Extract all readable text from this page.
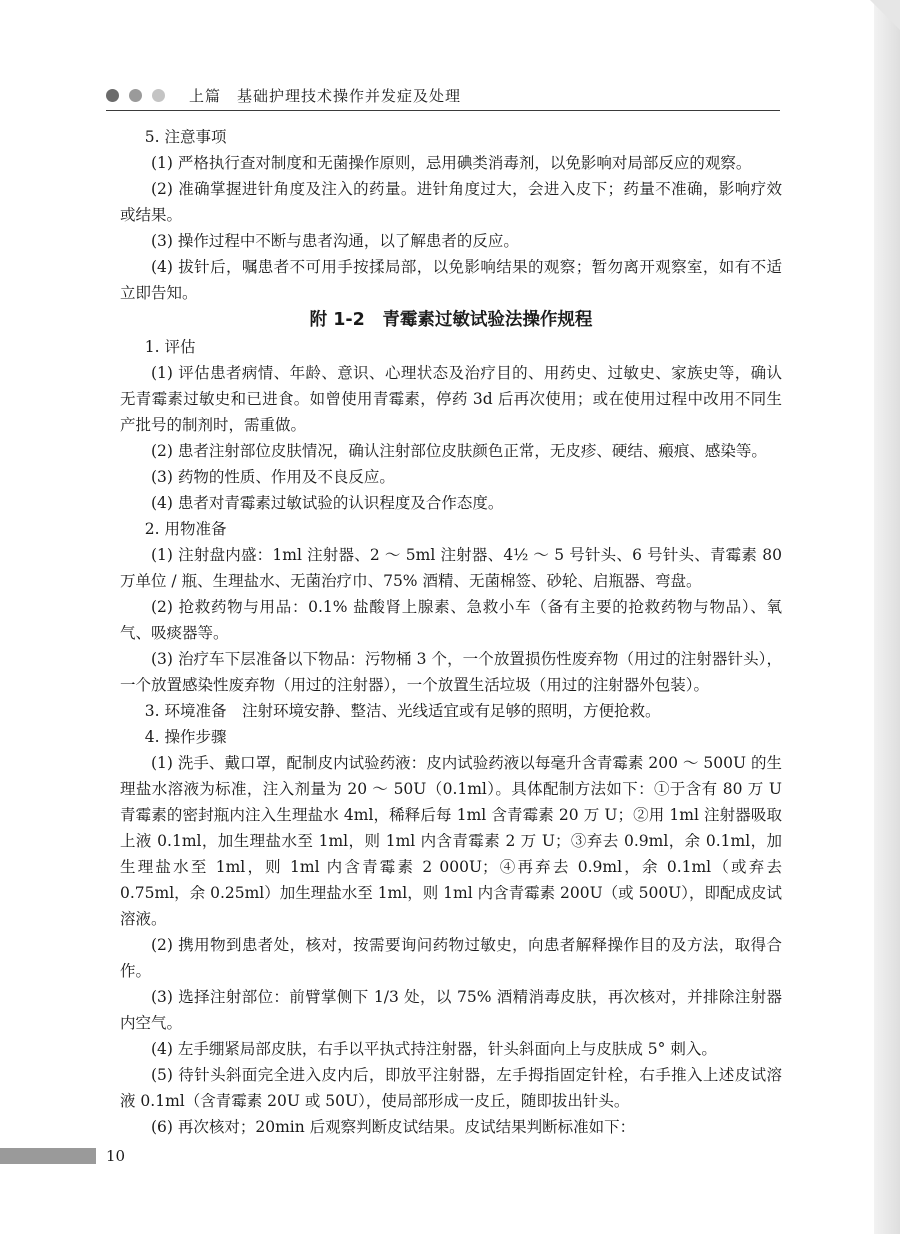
上篇　基础护理技术操作并发症及处理

5. 注意事项

(1) 严格执行查对制度和无菌操作原则，忌用碘类消毒剂，以免影响对局部反应的观察。

(2) 准确掌握进针角度及注入的药量。进针角度过大，会进入皮下；药量不准确，影响疗效或结果。

(3) 操作过程中不断与患者沟通，以了解患者的反应。

(4) 拔针后，嘱患者不可用手按揉局部，以免影响结果的观察；暂勿离开观察室，如有不适立即告知。

附 1-2　青霉素过敏试验法操作规程

1. 评估

(1) 评估患者病情、年龄、意识、心理状态及治疗目的、用药史、过敏史、家族史等，确认无青霉素过敏史和已进食。如曾使用青霉素，停药 3d 后再次使用；或在使用过程中改用不同生产批号的制剂时，需重做。

(2) 患者注射部位皮肤情况，确认注射部位皮肤颜色正常，无皮疹、硬结、瘢痕、感染等。

(3) 药物的性质、作用及不良反应。

(4) 患者对青霉素过敏试验的认识程度及合作态度。

2. 用物准备

(1) 注射盘内盛：1ml 注射器、2 ～ 5ml 注射器、4½ ～ 5 号针头、6 号针头、青霉素 80 万单位 / 瓶、生理盐水、无菌治疗巾、75% 酒精、无菌棉签、砂轮、启瓶器、弯盘。

(2) 抢救药物与用品：0.1% 盐酸肾上腺素、急救小车（备有主要的抢救药物与物品）、氧气、吸痰器等。

(3) 治疗车下层准备以下物品：污物桶 3 个，一个放置损伤性废弃物（用过的注射器针头），一个放置感染性废弃物（用过的注射器），一个放置生活垃圾（用过的注射器外包装）。

3. 环境准备　 注射环境安静、整洁、光线适宜或有足够的照明，方便抢救。

4. 操作步骤

(1) 洗手、戴口罩，配制皮内试验药液：皮内试验药液以每毫升含青霉素 200 ～ 500U 的生理盐水溶液为标准，注入剂量为 20 ～ 50U（0.1ml）。具体配制方法如下：①于含有 80 万 U 青霉素的密封瓶内注入生理盐水 4ml，稀释后每 1ml 含青霉素 20 万 U；②用 1ml 注射器吸取上液 0.1ml，加生理盐水至 1ml，则 1ml 内含青霉素 2 万 U；③弃去 0.9ml，余 0.1ml，加生理盐水至 1ml，则 1ml 内含青霉素 2 000U；④再弃去 0.9ml，余 0.1ml（或弃去 0.75ml，余 0.25ml）加生理盐水至 1ml，则 1ml 内含青霉素 200U（或 500U），即配成皮试溶液。

(2) 携用物到患者处，核对，按需要询问药物过敏史，向患者解释操作目的及方法，取得合作。

(3) 选择注射部位：前臂掌侧下 1/3 处，以 75% 酒精消毒皮肤，再次核对，并排除注射器内空气。

(4) 左手绷紧局部皮肤，右手以平执式持注射器，针头斜面向上与皮肤成 5° 刺入。

(5) 待针头斜面完全进入皮内后，即放平注射器，左手拇指固定针栓，右手推入上述皮试溶液 0.1ml（含青霉素 20U 或 50U），使局部形成一皮丘，随即拔出针头。

(6) 再次核对；20min 后观察判断皮试结果。皮试结果判断标准如下：

10
